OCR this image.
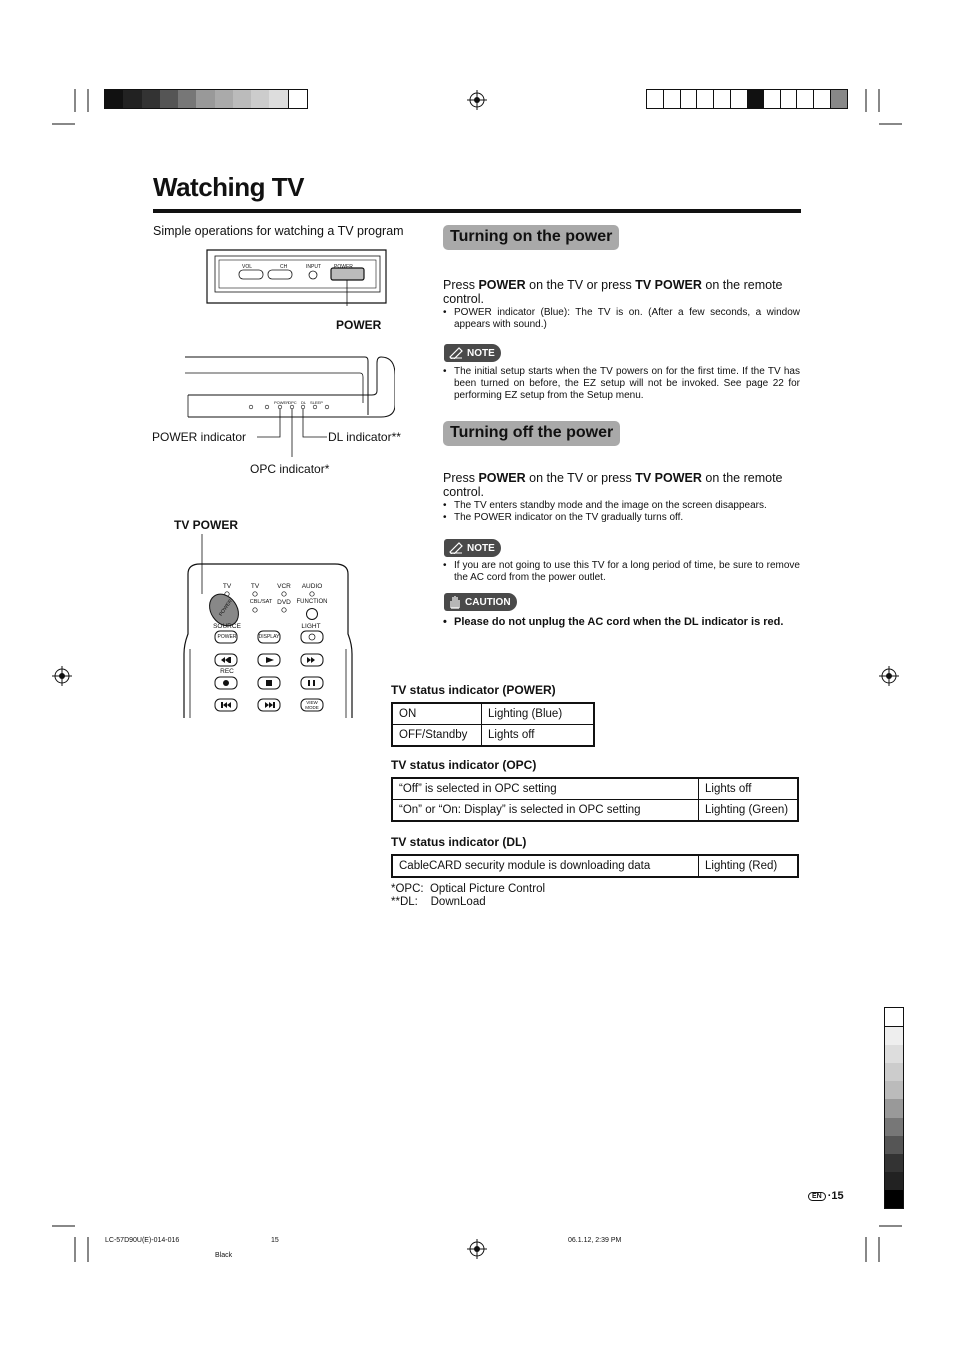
Watching TV
Simple operations for watching a TV program
VOL	CH	INPUT	POWER
POWER
POWER
OPC DL SLEEP
POWER indicator	DL indicator**
OPC indicator*
TV POWER
TV	TV	VCR	AUDIO
CBL/SAT DVD FUNCTION
POWER
SOURCE	LIGHT
POWER	DISPLAY
REC
VIEW MODE
Turning on the power
Press POWER on the TV or press TV POWER on the remote control.
• POWER indicator (Blue): The TV is on. (After a few seconds, a window appears with sound.)
NOTE
• The initial setup starts when the TV powers on for the first time. If the TV has been turned on before, the EZ setup will not be invoked. See page 22 for performing EZ setup from the Setup menu.
Turning off the power
Press POWER on the TV or press TV POWER on the remote control.
• The TV enters standby mode and the image on the screen disappears.
• The POWER indicator on the TV gradually turns off.
NOTE
• If you are not going to use this TV for a long period of time, be sure to remove the AC cord from the power outlet.
CAUTION
• Please do not unplug the AC cord when the DL indicator is red.
TV status indicator (POWER)
ON	Lighting (Blue)
OFF/Standby	Lights off
TV status indicator (OPC)
“Off” is selected in OPC setting	Lights off
“On” or “On: Display” is selected in OPC setting	Lighting (Green)
TV status indicator (DL)
CableCARD security module is downloading data	Lighting (Red)
*OPC:  Optical Picture Control
**DL:    DownLoad
EN ·15
LC-57D90U(E)-014-016	15	06.1.12, 2:39 PM
Black
